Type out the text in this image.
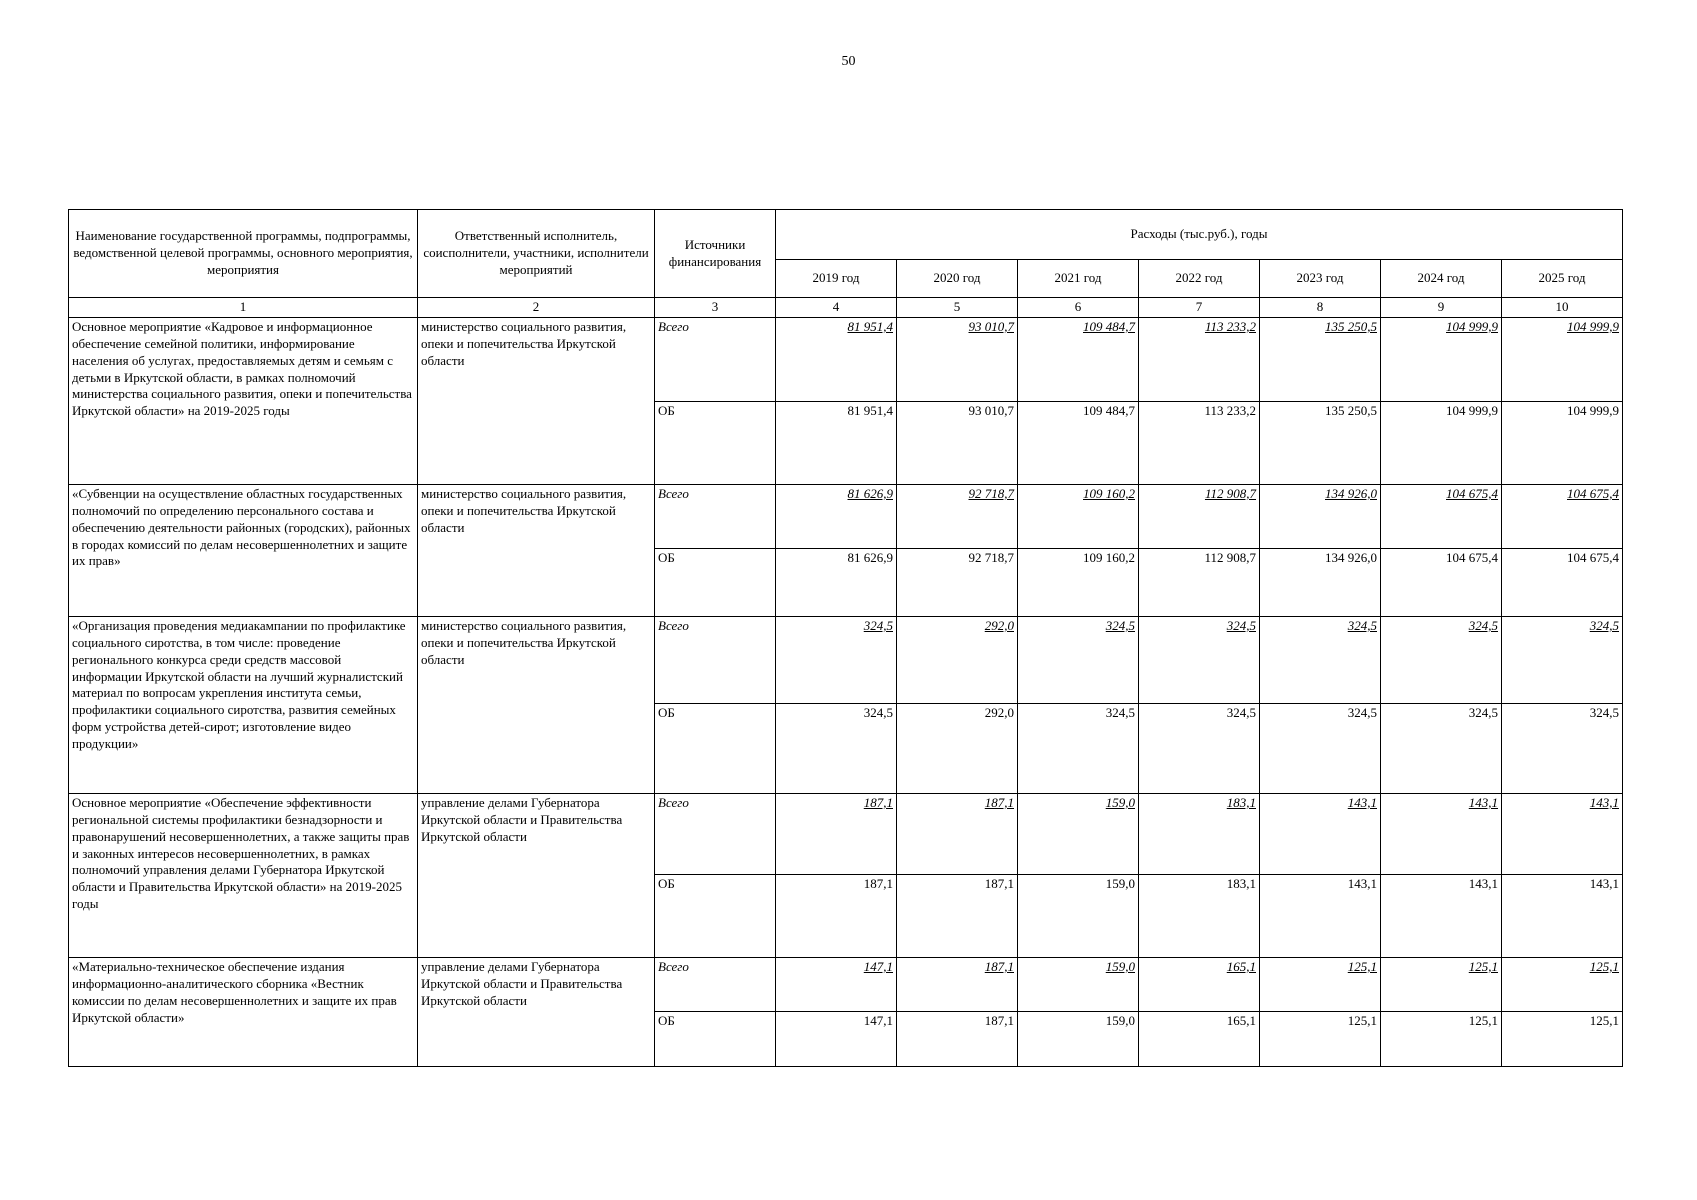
50
Наименование государственной программы, подпрограммы, ведомственной целевой программы, основного мероприятия, мероприятия	Ответственный исполнитель, соисполнители, участники, исполнители мероприятий	Источники финансирования	Расходы (тыс.руб.), годы						
			2019 год	2020 год	2021 год	2022 год	2023 год	2024 год	2025 год
1	2	3	4	5	6	7	8	9	10
Основное мероприятие «Кадровое и информационное обеспечение семейной политики, информирование населения об услугах, предоставляемых детям и семьям с детьми в Иркутской области, в рамках полномочий министерства социального развития, опеки и попечительства Иркутской области» на 2019-2025 годы	министерство социального развития, опеки и попечительства Иркутской области	Всего	81 951,4	93 010,7	109 484,7	113 233,2	135 250,5	104 999,9	104 999,9
		ОБ	81 951,4	93 010,7	109 484,7	113 233,2	135 250,5	104 999,9	104 999,9
«Субвенции на осуществление областных государственных полномочий по определению персонального состава и обеспечению деятельности районных (городских), районных в городах комиссий по делам несовершеннолетних и защите их прав»	министерство социального развития, опеки и попечительства Иркутской области	Всего	81 626,9	92 718,7	109 160,2	112 908,7	134 926,0	104 675,4	104 675,4
		ОБ	81 626,9	92 718,7	109 160,2	112 908,7	134 926,0	104 675,4	104 675,4
«Организация проведения медиакампании по профилактике социального сиротства, в том числе: проведение регионального конкурса среди средств массовой информации Иркутской области на лучший журналистский материал по вопросам укрепления института семьи, профилактики социального сиротства, развития семейных форм устройства детей-сирот; изготовление видео продукции»	министерство социального развития, опеки и попечительства Иркутской области	Всего	324,5	292,0	324,5	324,5	324,5	324,5	324,5
		ОБ	324,5	292,0	324,5	324,5	324,5	324,5	324,5
Основное мероприятие «Обеспечение эффективности региональной системы профилактики безнадзорности и правонарушений несовершеннолетних, а также защиты прав и законных интересов несовершеннолетних, в рамках полномочий управления делами Губернатора Иркутской области и Правительства Иркутской области» на 2019-2025 годы	управление делами Губернатора Иркутской области и Правительства Иркутской области	Всего	187,1	187,1	159,0	183,1	143,1	143,1	143,1
		ОБ	187,1	187,1	159,0	183,1	143,1	143,1	143,1
«Материально-техническое обеспечение издания информационно-аналитического сборника «Вестник комиссии по делам несовершеннолетних и защите их прав Иркутской области»	управление делами Губернатора Иркутской области и Правительства Иркутской области	Всего	147,1	187,1	159,0	165,1	125,1	125,1	125,1
		ОБ	147,1	187,1	159,0	165,1	125,1	125,1	125,1
